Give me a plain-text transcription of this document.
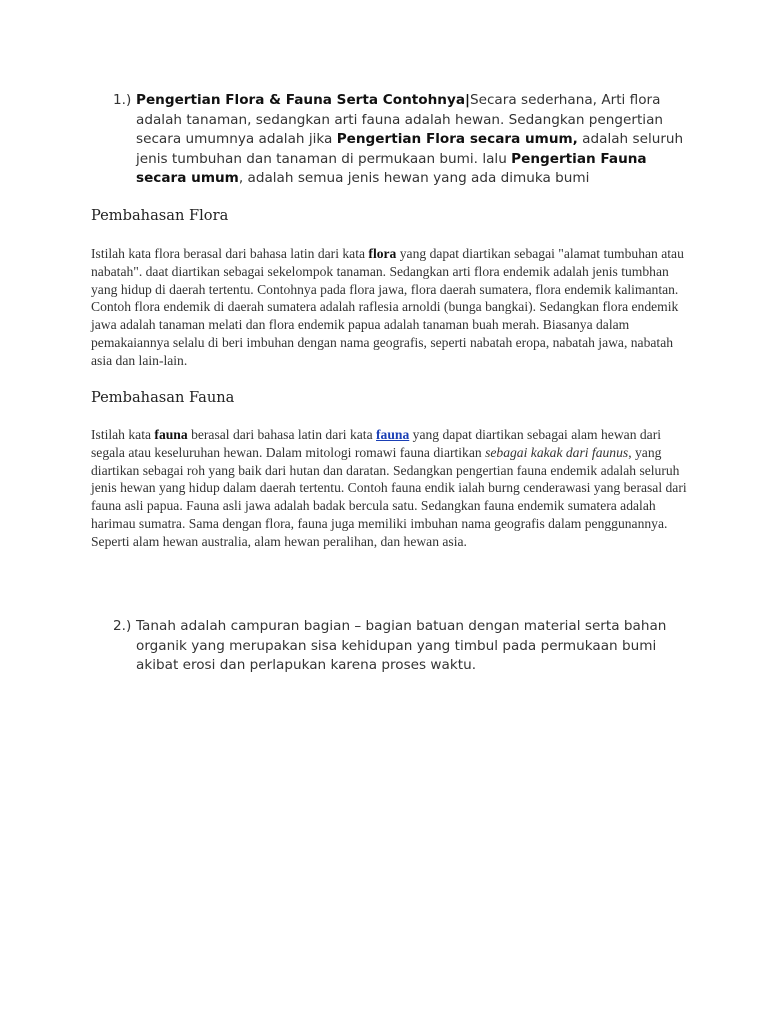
1.) Pengertian Flora & Fauna Serta Contohnya|Secara sederhana, Arti flora adalah tanaman, sedangkan arti fauna adalah hewan. Sedangkan pengertian secara umumnya adalah jika Pengertian Flora secara umum, adalah seluruh jenis tumbuhan dan tanaman di permukaan bumi. lalu Pengertian Fauna secara umum, adalah semua jenis hewan yang ada dimuka bumi
Pembahasan Flora
Istilah kata flora berasal dari bahasa latin dari kata flora yang dapat diartikan sebagai "alamat tumbuhan atau nabatah". daat diartikan sebagai sekelompok tanaman. Sedangkan arti flora endemik adalah jenis tumbhan yang hidup di daerah tertentu. Contohnya pada flora jawa, flora daerah sumatera, flora endemik kalimantan. Contoh flora endemik di daerah sumatera adalah raflesia arnoldi (bunga bangkai). Sedangkan flora endemik jawa adalah tanaman melati dan flora endemik papua adalah tanaman buah merah. Biasanya dalam pemakaiannya selalu di beri imbuhan dengan nama geografis, seperti nabatah eropa, nabatah jawa, nabatah asia dan lain-lain.
Pembahasan Fauna
Istilah kata fauna berasal dari bahasa latin dari kata fauna yang dapat diartikan sebagai alam hewan dari segala atau keseluruhan hewan. Dalam mitologi romawi fauna diartikan sebagai kakak dari faunus, yang diartikan sebagai roh yang baik dari hutan dan daratan. Sedangkan pengertian fauna endemik adalah seluruh jenis hewan yang hidup dalam daerah tertentu. Contoh fauna endik ialah burng cenderawasi yang berasal dari fauna asli papua. Fauna asli jawa adalah badak bercula satu. Sedangkan fauna endemik sumatera adalah harimau sumatra. Sama dengan flora, fauna juga memiliki imbuhan nama geografis dalam penggunannya. Seperti alam hewan australia, alam hewan peralihan, dan hewan asia.
2.) Tanah adalah campuran bagian – bagian batuan dengan material serta bahan organik yang merupakan sisa kehidupan yang timbul pada permukaan bumi akibat erosi dan perlapukan karena proses waktu.
